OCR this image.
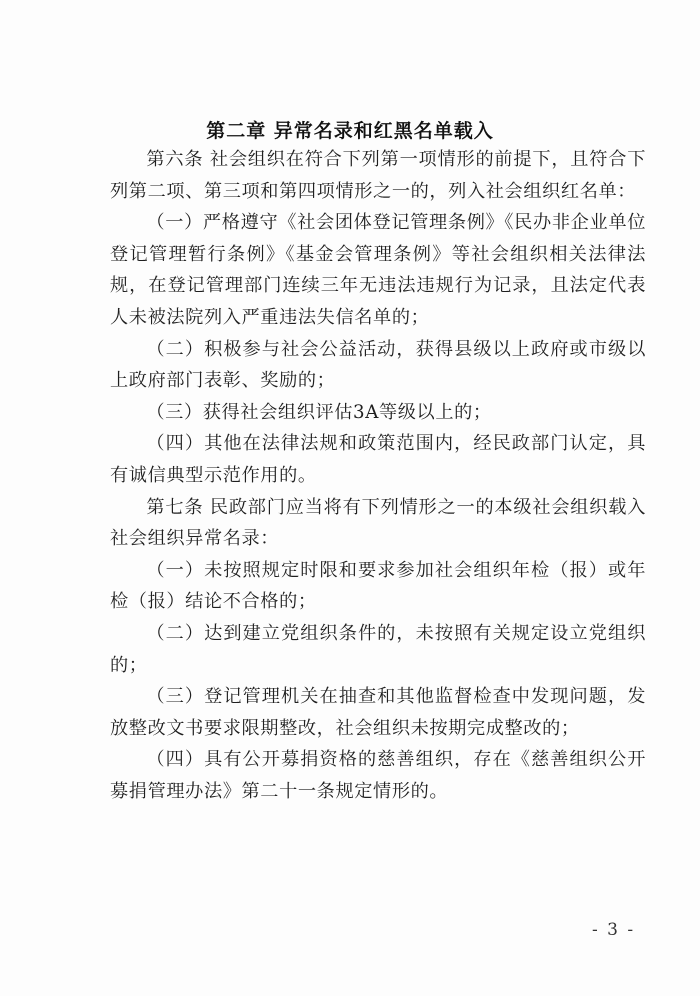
第二章 异常名录和红黑名单载入

第六条 社会组织在符合下列第一项情形的前提下，且符合下列第二项、第三项和第四项情形之一的，列入社会组织红名单：

（一）严格遵守《社会团体登记管理条例》《民办非企业单位登记管理暂行条例》《基金会管理条例》等社会组织相关法律法规，在登记管理部门连续三年无违法违规行为记录，且法定代表人未被法院列入严重违法失信名单的；

（二）积极参与社会公益活动，获得县级以上政府或市级以上政府部门表彰、奖励的；

（三）获得社会组织评估3A等级以上的；

（四）其他在法律法规和政策范围内，经民政部门认定，具有诚信典型示范作用的。

第七条 民政部门应当将有下列情形之一的本级社会组织载入社会组织异常名录：

（一）未按照规定时限和要求参加社会组织年检（报）或年检（报）结论不合格的；

（二）达到建立党组织条件的，未按照有关规定设立党组织的；

（三）登记管理机关在抽查和其他监督检查中发现问题，发放整改文书要求限期整改，社会组织未按期完成整改的；

（四）具有公开募捐资格的慈善组织，存在《慈善组织公开募捐管理办法》第二十一条规定情形的。

- 3 -
